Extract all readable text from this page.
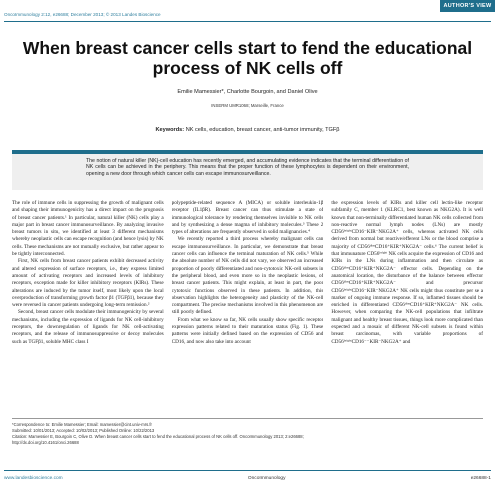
AUTHOR'S VIEW
OncoImmunology 2:12, e26688; December 2013; © 2013 Landes Bioscience
When breast cancer cells start to fend the educational process of NK cells off
Emilie Mamessier*, Charlotte Bourgoin, and Daniel Olive
INSERM UMR1068; Marseille, France
Keywords: NK cells, education, breast cancer, anti-tumor immunity, TGFβ

The notion of natural killer (NK)-cell education has recently emerged, and accumulating evidence indicates that the terminal differentiation of NK cells can be achieved in the periphery. This means that the proper function of these lymphocytes is dependent on their environment, opening a new door through which cancer cells can escape immunosurveillance.

The role of immune cells in suppressing the growth of malignant cells and shaping their immunogenicity has a direct impact on the prognosis of breast cancer patients.¹ In particular, natural killer (NK) cells play a major part in breast cancer immunosurveillance. By analyzing invasive breast tumors in situ, we identified at least 3 different mechanisms whereby neoplastic cells can escape recognition (and hence lysis) by NK cells. These mechanisms are not mutually exclusive, but rather appear to be tightly interconnected.

First, NK cells from breast cancer patients exhibit decreased activity and altered expression of surface receptors, i.e., they express limited amount of activating receptors and increased levels of inhibitory receptors, exception made for killer inhibitory receptors (KIRs). These alterations are induced by the tumor itself, most likely upon the local overproduction of transforming growth factor β1 (TGFβ1), because they were reversed in cancer patients undergoing long-term remission.²

Second, breast cancer cells modulate their immunogenicity by several mechanisms, including the expression of ligands for NK cell-inhibitory receptors, the downregulation of ligands for NK cell-activating receptors, and the release of immunosuppressive or decoy molecules such as TGFβ1, soluble MHC class I

polypeptide-related sequence A (MICA) or soluble interleukin-1β receptor (IL1βR). Breast cancer can thus stimulate a state of immunological tolerance by rendering themselves invisible to NK cells and by synthesizing a dense magma of inhibitory molecules.³ These 2 types of alterations are frequently observed in solid malignancies.⁴

We recently reported a third process whereby malignant cells can escape immunosurveillance. In particular, we demonstrate that breast cancer cells can influence the terminal maturation of NK cells.⁵ While the absolute number of NK cells did not vary, we observed an increased proportion of poorly differentiated and non-cytotoxic NK-cell subsets in the peripheral blood, and even more so in the neoplastic lesions, of breast cancer patients. This might explain, at least in part, the poor cytotoxic functions observed in these patients. In addition, this observation highlights the heterogeneity and plasticity of the NK-cell compartment. The precise mechanisms involved in this phenomenon are still poorly defined.

From what we know so far, NK cells usually show specific receptor expression patterns related to their maturation status (Fig. 1). These patterns were initially defined based on the expression of CD56 and CD16, and now also take into account

the expression levels of KIRs and killer cell lectin-like receptor subfamily C, member 1 (KLRC1, best known as NKG2A). It is well known that non-terminally differentiated human NK cells collected from non-reactive normal lymph nodes (LNs) are mostly CD56ᵇʳⁱᵍʰᵗCD16⁻KIR⁻NKG2A⁺ cells, whereas activated NK cells derived from normal but reactive/efferent LNs or the blood comprise a majority of CD56ᵈⁱᵐCD16⁺KIR⁺NKG2A⁻ cells.⁶ The current belief is that immunature CD56ᵇʳⁱᵍʰᵗ NK cells acquire the expression of CD16 and KIRs in the LNs during inflammation and then circulate as CD56ᵈⁱᵐCD16⁺KIR⁺NKG2A⁻ effector cells. Depending on the anatomical location, the disturbance of the balance between effector CD56ᵈⁱᵐCD16⁺KIR⁺NKG2A⁻ and precursor CD56ᵇʳⁱᵍʰᵗCD16⁻KIR⁻NKG2A⁺ NK cells might thus constitute per se a marker of ongoing immune response. If so, inflamed tissues should be enriched in differentiated CD56ᵈⁱᵐCD16⁺KIR⁺NKG2A⁻ NK cells. However, when comparing the NK-cell populations that infiltrate malignant and healthy breast tissues, things look more complicated than expected and a mosaic of different NK-cell subsets is found within breast carcinomas, with variable proportions of CD56ᵇʳⁱᵍʰᵗCD16⁻⁻KIR⁻NKG2A⁺ and

*Correspondence to: Emilie Mamessier; Email: mamessier@cint.univ-mrs.fr
Submitted: 10/01/2013; Accepted: 10/02/2013; Published Online: 10/22/2013
Citation: Mamessier E, Bourgoin C, Olive D. When breast cancer cells start to fend the educational process of NK cells off. OncoImmunology 2013; 2:e26688;
http://dx.doi.org/10.4161/onci.26688
www.landesbioscience.com	OncoImmunology	e26688-1
